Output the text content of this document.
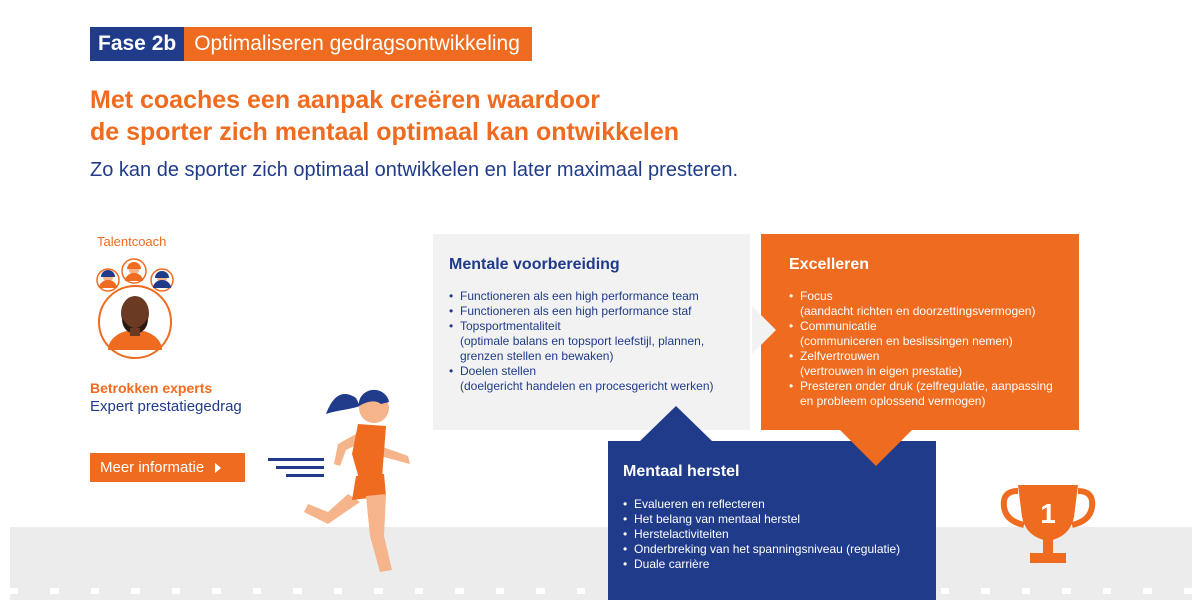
Fase 2b Optimaliseren gedragsontwikkeling
Met coaches een aanpak creëren waardoor
de sporter zich mentaal optimaal kan ontwikkelen
Zo kan de sporter zich optimaal ontwikkelen en later maximaal presteren.
Talentcoach
Betrokken experts
Expert prestatiegedrag
Meer informatie
Mentale voorbereiding
• Functioneren als een high performance team
• Functioneren als een high performance staf
• Topsportmentaliteit
(optimale balans en topsport leefstijl, plannen,
grenzen stellen en bewaken)
• Doelen stellen
(doelgericht handelen en procesgericht werken)
Excelleren
• Focus
(aandacht richten en doorzettingsvermogen)
• Communicatie
(communiceren en beslissingen nemen)
• Zelfvertrouwen
(vertrouwen in eigen prestatie)
• Presteren onder druk (zelfregulatie, aanpassing
en probleem oplossend vermogen)
Mentaal herstel
• Evalueren en reflecteren
• Het belang van mentaal herstel
• Herstelactiviteiten
• Onderbreking van het spanningsniveau (regulatie)
• Duale carrière
1
